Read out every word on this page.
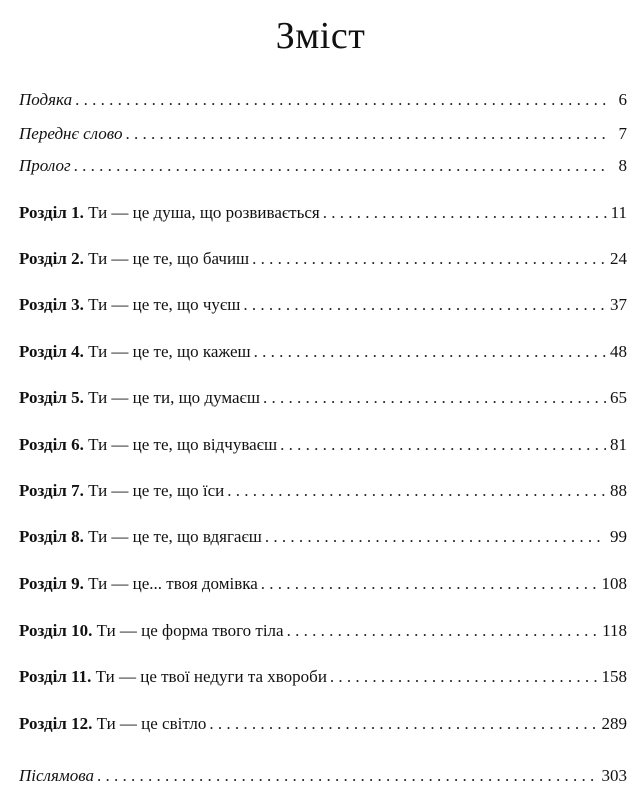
Зміст
Подяка . . .	6
Переднє слово . . .	7
Пролог . . .	8
Розділ 1. Ти — це душа, що розвивається . . .	11
Розділ 2. Ти — це те, що бачиш . . .	24
Розділ 3. Ти — це те, що чуєш . . .	37
Розділ 4. Ти — це те, що кажеш . . .	48
Розділ 5. Ти — це ти, що думаєш . . .	65
Розділ 6. Ти — це те, що відчуваєш . . .	81
Розділ 7. Ти — це те, що їси . . .	88
Розділ 8. Ти — це те, що вдягаєш . . .	99
Розділ 9. Ти — це... твоя домівка . . .	108
Розділ 10. Ти — це форма твого тіла . . .	118
Розділ 11. Ти — це твої недуги та хвороби . . .	158
Розділ 12. Ти — це світло . . .	289
Післямова . . .	303
